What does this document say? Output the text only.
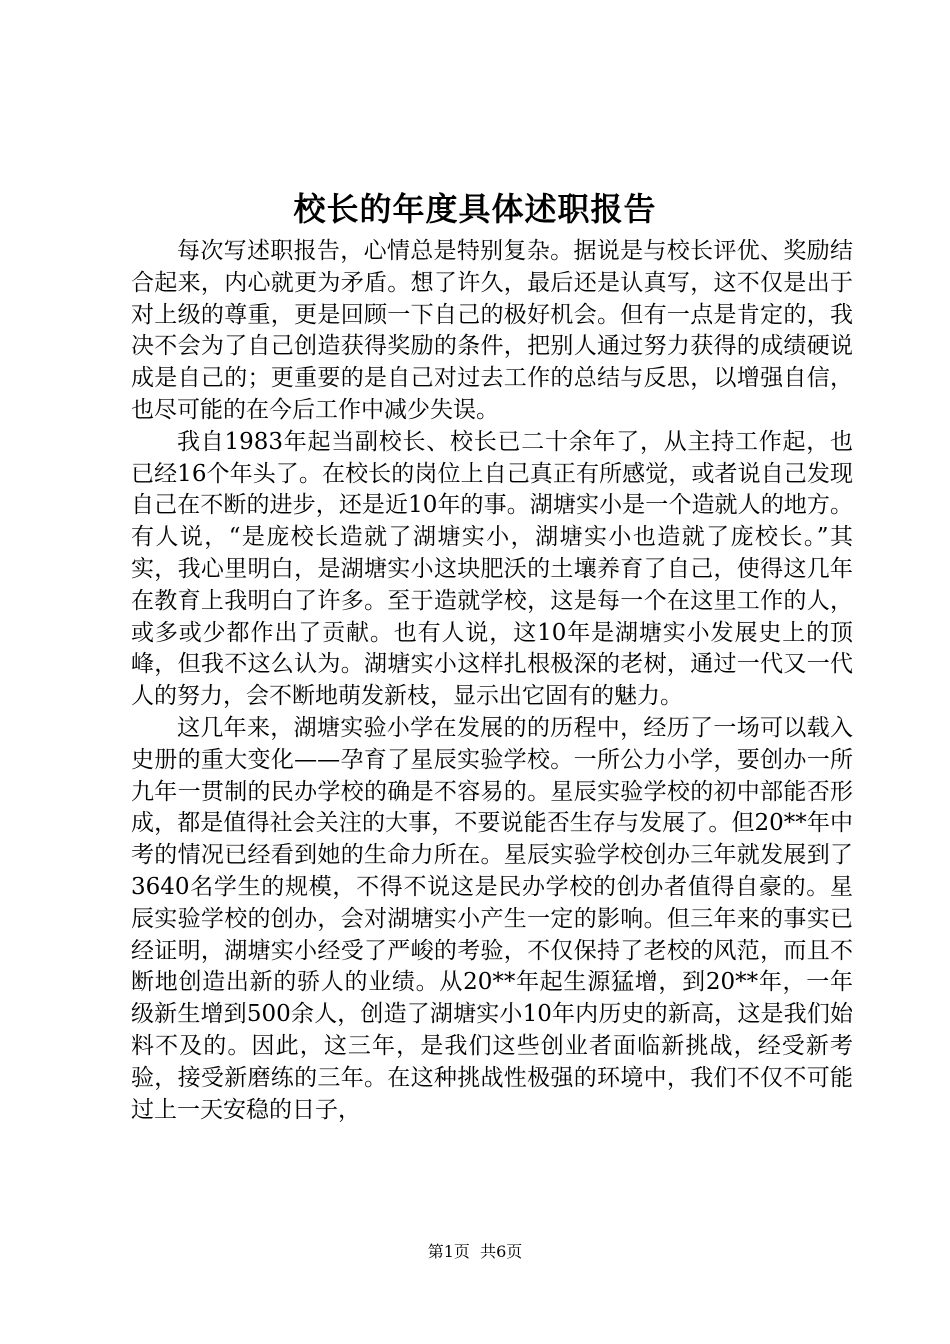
校长的年度具体述职报告

每次写述职报告，心情总是特别复杂。据说是与校长评优、奖励结合起来，内心就更为矛盾。想了许久，最后还是认真写，这不仅是出于对上级的尊重，更是回顾一下自己的极好机会。但有一点是肯定的，我决不会为了自己创造获得奖励的条件，把别人通过努力获得的成绩硬说成是自己的；更重要的是自己对过去工作的总结与反思，以增强自信，也尽可能的在今后工作中减少失误。

我自1983年起当副校长、校长已二十余年了，从主持工作起，也已经16个年头了。在校长的岗位上自己真正有所感觉，或者说自己发现自己在不断的进步，还是近10年的事。湖塘实小是一个造就人的地方。有人说，“是庞校长造就了湖塘实小，湖塘实小也造就了庞校长。”其实，我心里明白，是湖塘实小这块肥沃的土壤养育了自己，使得这几年在教育上我明白了许多。至于造就学校，这是每一个在这里工作的人，或多或少都作出了贡献。也有人说，这10年是湖塘实小发展史上的顶峰，但我不这么认为。湖塘实小这样扎根极深的老树，通过一代又一代人的努力，会不断地萌发新枝，显示出它固有的魅力。

这几年来，湖塘实验小学在发展的的历程中，经历了一场可以载入史册的重大变化——孕育了星辰实验学校。一所公力小学，要创办一所九年一贯制的民办学校的确是不容易的。星辰实验学校的初中部能否形成，都是值得社会关注的大事，不要说能否生存与发展了。但20**年中考的情况已经看到她的生命力所在。星辰实验学校创办三年就发展到了3640名学生的规模，不得不说这是民办学校的创办者值得自豪的。星辰实验学校的创办，会对湖塘实小产生一定的影响。但三年来的事实已经证明，湖塘实小经受了严峻的考验，不仅保持了老校的风范，而且不断地创造出新的骄人的业绩。从20**年起生源猛增，到20**年，一年级新生增到500余人，创造了湖塘实小10年内历史的新高，这是我们始料不及的。因此，这三年，是我们这些创业者面临新挑战，经受新考验，接受新磨练的三年。在这种挑战性极强的环境中，我们不仅不可能过上一天安稳的日子，

第1页  共6页
